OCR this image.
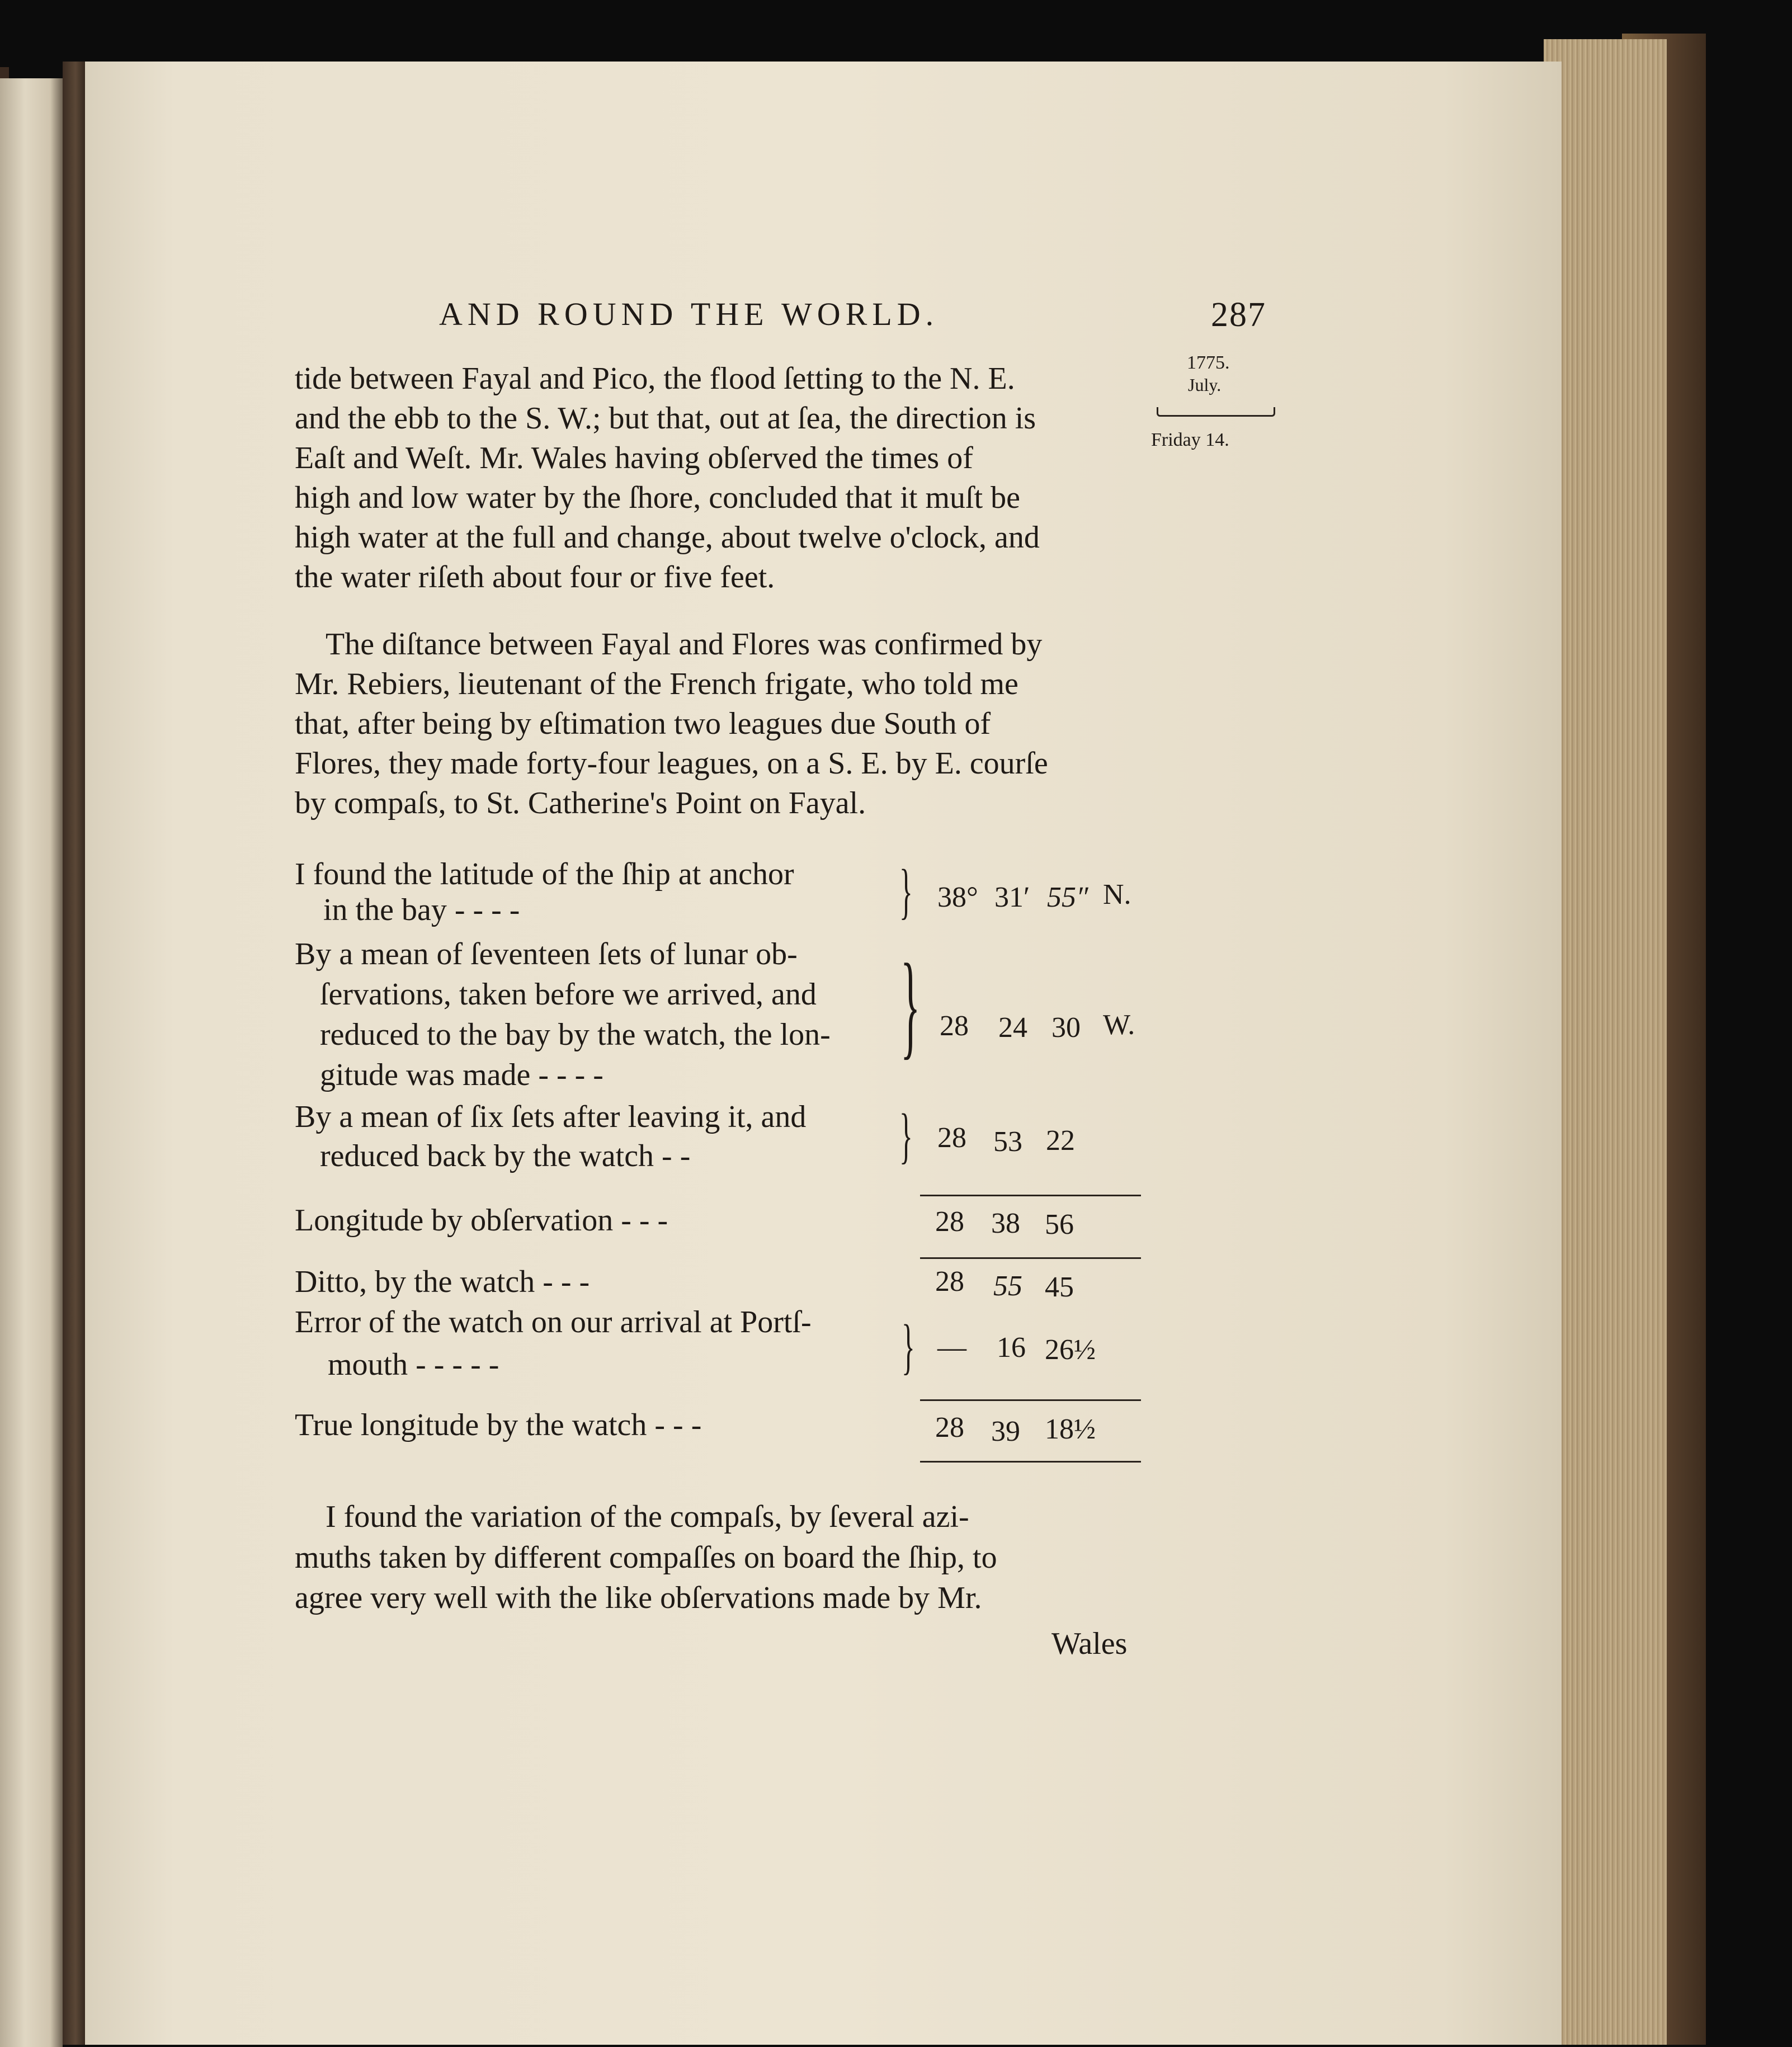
AND ROUND THE WORLD.	287
1775.
July.
Friday 14.
tide between Fayal and Pico, the flood ſetting to the N. E.
and the ebb to the S. W.; but that, out at ſea, the direction is
Eaſt and Weſt. Mr. Wales having obſerved the times of
high and low water by the ſhore, concluded that it muſt be
high water at the full and change, about twelve o'clock, and
the water riſeth about four or five feet.
The diſtance between Fayal and Flores was confirmed by
Mr. Rebiers, lieutenant of the French frigate, who told me
that, after being by eſtimation two leagues due South of
Flores, they made forty-four leagues, on a S. E. by E. courſe
by compaſs, to St. Catherine's Point on Fayal.
I found the latitude of the ſhip at anchor
in the bay - - - -	} 38° 31′ 55″ N.
By a mean of ſeventeen ſets of lunar ob-
ſervations, taken before we arrived, and
reduced to the bay by the watch, the lon-
gitude was made - - - -
} 28 24 30 W.
By a mean of ſix ſets after leaving it, and
reduced back by the watch - -	} 28 53 22
Longitude by obſervation - - -	28 38 56
Ditto, by the watch - - -	28 55 45
Error of the watch on our arrival at Portſ-
mouth - - - - -	} — 16 26½
True longitude by the watch - - -	28 39 18½
I found the variation of the compaſs, by ſeveral azi-
muths taken by different compaſſes on board the ſhip, to
agree very well with the like obſervations made by Mr.
Wales
